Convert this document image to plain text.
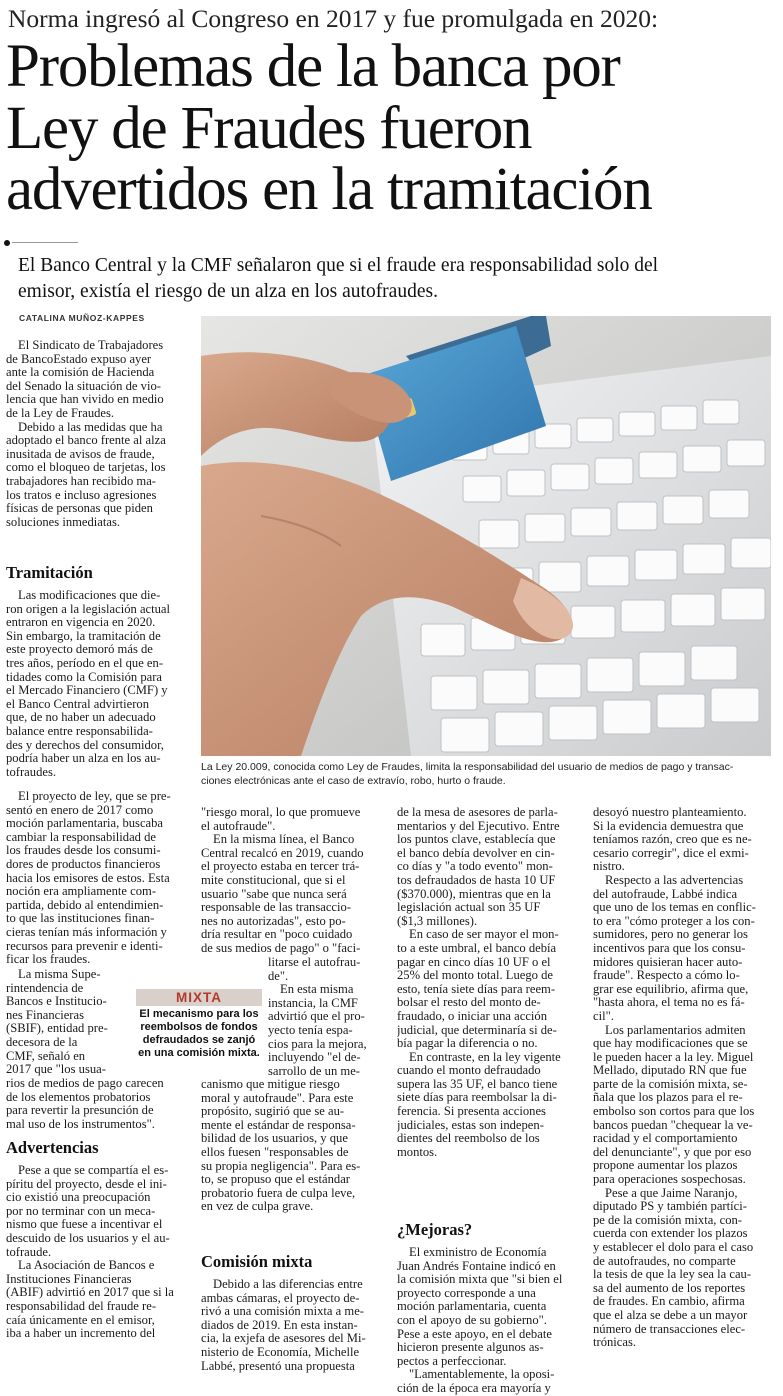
Norma ingresó al Congreso en 2017 y fue promulgada en 2020:
Problemas de la banca por
Ley de Fraudes fueron
advertidos en la tramitación
El Banco Central y la CMF señalaron que si el fraude era responsabilidad solo del
emisor, existía el riesgo de un alza en los autofraudes.
CATALINA MUÑOZ-KAPPES
La Ley 20.009, conocida como Ley de Fraudes, limita la responsabilidad del usuario de medios de pago y transac-
ciones electrónicas ante el caso de extravío, robo, hurto o fraude.
El Sindicato de Trabajadores
de BancoEstado expuso ayer
ante la comisión de Hacienda
del Senado la situación de vio-
lencia que han vivido en medio
de la Ley de Fraudes.
Debido a las medidas que ha
adoptado el banco frente al alza
inusitada de avisos de fraude,
como el bloqueo de tarjetas, los
trabajadores han recibido ma-
los tratos e incluso agresiones
físicas de personas que piden
soluciones inmediatas.
Tramitación
Las modificaciones que die-
ron origen a la legislación actual
entraron en vigencia en 2020.
Sin embargo, la tramitación de
este proyecto demoró más de
tres años, período en el que en-
tidades como la Comisión para
el Mercado Financiero (CMF) y
el Banco Central advirtieron
que, de no haber un adecuado
balance entre responsabilida-
des y derechos del consumidor,
podría haber un alza en los au-
tofraudes.
El proyecto de ley, que se pre-
sentó en enero de 2017 como
moción parlamentaria, buscaba
cambiar la responsabilidad de
los fraudes desde los consumi-
dores de productos financieros
hacia los emisores de estos. Esta
noción era ampliamente com-
partida, debido al entendimien-
to que las instituciones finan-
cieras tenían más información y
recursos para prevenir e identi-
ficar los fraudes.
La misma Supe-
rintendencia de
Bancos e Institucio-
nes Financieras
(SBIF), entidad pre-
decesora de la
CMF, señaló en
2017 que "los usua-
rios de medios de pago carecen
de los elementos probatorios
para revertir la presunción de
mal uso de los instrumentos".
Advertencias
Pese a que se compartía el es-
píritu del proyecto, desde el ini-
cio existió una preocupación
por no terminar con un meca-
nismo que fuese a incentivar el
descuido de los usuarios y el au-
tofraude.
La Asociación de Bancos e
Instituciones Financieras
(ABIF) advirtió en 2017 que si la
responsabilidad del fraude re-
caía únicamente en el emisor,
iba a haber un incremento del
MIXTA
El mecanismo para los
reembolsos de fondos
defraudados se zanjó
en una comisión mixta.
"riesgo moral, lo que promueve
el autofraude".
En la misma línea, el Banco
Central recalcó en 2019, cuando
el proyecto estaba en tercer trá-
mite constitucional, que si el
usuario "sabe que nunca será
responsable de las transaccio-
nes no autorizadas", esto po-
dría resultar en "poco cuidado
de sus medios de pago" o "faci-
litarse el autofrau-
de".
En esta misma
instancia, la CMF
advirtió que el pro-
yecto tenía espa-
cios para la mejora,
incluyendo "el de-
sarrollo de un me-
canismo que mitigue riesgo
moral y autofraude". Para este
propósito, sugirió que se au-
mente el estándar de responsa-
bilidad de los usuarios, y que
ellos fuesen "responsables de
su propia negligencia". Para es-
to, se propuso que el estándar
probatorio fuera de culpa leve,
en vez de culpa grave.
Comisión mixta
Debido a las diferencias entre
ambas cámaras, el proyecto de-
rivó a una comisión mixta a me-
diados de 2019. En esta instan-
cia, la exjefa de asesores del Mi-
nisterio de Economía, Michelle
Labbé, presentó una propuesta
de la mesa de asesores de parla-
mentarios y del Ejecutivo. Entre
los puntos clave, establecía que
el banco debía devolver en cin-
co días y "a todo evento" mon-
tos defraudados de hasta 10 UF
($370.000), mientras que en la
legislación actual son 35 UF
($1,3 millones).
En caso de ser mayor el mon-
to a este umbral, el banco debía
pagar en cinco días 10 UF o el
25% del monto total. Luego de
esto, tenía siete días para reem-
bolsar el resto del monto de-
fraudado, o iniciar una acción
judicial, que determinaría si de-
bía pagar la diferencia o no.
En contraste, en la ley vigente
cuando el monto defraudado
supera las 35 UF, el banco tiene
siete días para reembolsar la di-
ferencia. Si presenta acciones
judiciales, estas son indepen-
dientes del reembolso de los
montos.
¿Mejoras?
El exministro de Economía
Juan Andrés Fontaine indicó en
la comisión mixta que "si bien el
proyecto corresponde a una
moción parlamentaria, cuenta
con el apoyo de su gobierno".
Pese a este apoyo, en el debate
hicieron presente algunos as-
pectos a perfeccionar.
"Lamentablemente, la oposi-
ción de la época era mayoría y
desoyó nuestro planteamiento.
Si la evidencia demuestra que
teníamos razón, creo que es ne-
cesario corregir", dice el exmi-
nistro.
Respecto a las advertencias
del autofraude, Labbé indica
que uno de los temas en conflic-
to era "cómo proteger a los con-
sumidores, pero no generar los
incentivos para que los consu-
midores quisieran hacer auto-
fraude". Respecto a cómo lo-
grar ese equilibrio, afirma que,
"hasta ahora, el tema no es fá-
cil".
Los parlamentarios admiten
que hay modificaciones que se
le pueden hacer a la ley. Miguel
Mellado, diputado RN que fue
parte de la comisión mixta, se-
ñala que los plazos para el re-
embolso son cortos para que los
bancos puedan "chequear la ve-
racidad y el comportamiento
del denunciante", y que por eso
propone aumentar los plazos
para operaciones sospechosas.
Pese a que Jaime Naranjo,
diputado PS y también partíci-
pe de la comisión mixta, con-
cuerda con extender los plazos
y establecer el dolo para el caso
de autofraudes, no comparte
la tesis de que la ley sea la cau-
sa del aumento de los reportes
de fraudes. En cambio, afirma
que el alza se debe a un mayor
número de transacciones elec-
trónicas.
